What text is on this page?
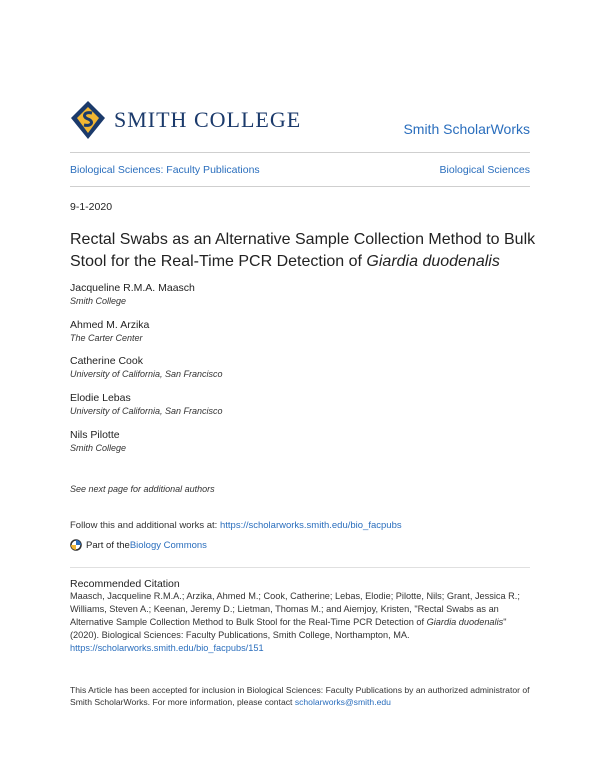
SMITH COLLEGE	Smith ScholarWorks
Biological Sciences: Faculty Publications	Biological Sciences
9-1-2020
Rectal Swabs as an Alternative Sample Collection Method to Bulk Stool for the Real-Time PCR Detection of Giardia duodenalis
Jacqueline R.M.A. Maasch
Smith College
Ahmed M. Arzika
The Carter Center
Catherine Cook
University of California, San Francisco
Elodie Lebas
University of California, San Francisco
Nils Pilotte
Smith College
See next page for additional authors
Follow this and additional works at: https://scholarworks.smith.edu/bio_facpubs
Part of the Biology Commons
Recommended Citation
Maasch, Jacqueline R.M.A.; Arzika, Ahmed M.; Cook, Catherine; Lebas, Elodie; Pilotte, Nils; Grant, Jessica R.; Williams, Steven A.; Keenan, Jeremy D.; Lietman, Thomas M.; and Aiemjoy, Kristen, "Rectal Swabs as an Alternative Sample Collection Method to Bulk Stool for the Real-Time PCR Detection of Giardia duodenalis" (2020). Biological Sciences: Faculty Publications, Smith College, Northampton, MA.
https://scholarworks.smith.edu/bio_facpubs/151
This Article has been accepted for inclusion in Biological Sciences: Faculty Publications by an authorized administrator of Smith ScholarWorks. For more information, please contact scholarworks@smith.edu
